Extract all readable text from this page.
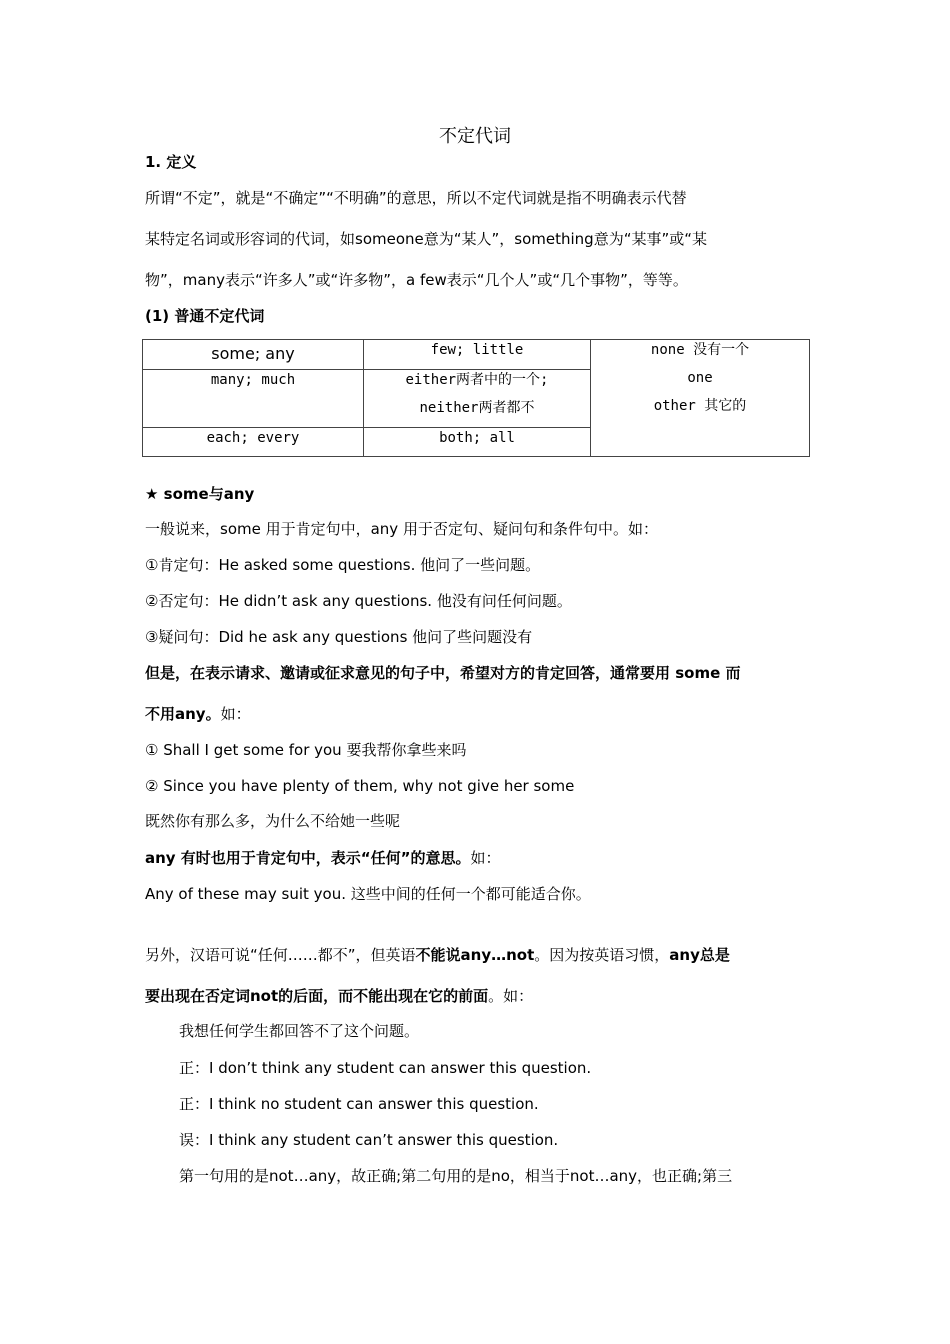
不定代词
1. 定义
所谓“不定”，就是“不确定”“不明确”的意思，所以不定代词就是指不明确表示代替
某特定名词或形容词的代词，如someone意为“某人”，something意为“某事”或“某
物”，many表示“许多人”或“许多物”，a few表示“几个人”或“几个事物”，等等。
(1) 普通不定代词
some; any	few; little	none 没有一个
one
other 其它的

many; much	either两者中的一个;
neither两者都不	

each; every	both; all	
★ some与any
一般说来，some 用于肯定句中，any 用于否定句、疑问句和条件句中。如：
①肯定句：He asked some questions. 他问了一些问题。
②否定句：He didn’t ask any questions. 他没有问任何问题。
③疑问句：Did he ask any questions 他问了些问题没有
但是，在表示请求、邀请或征求意见的句子中，希望对方的肯定回答，通常要用 some 而
不用any。如：
① Shall I get some for you 要我帮你拿些来吗
② Since you have plenty of them, why not give her some
既然你有那么多，为什么不给她一些呢
any 有时也用于肯定句中，表示“任何”的意思。如：
Any of these may suit you. 这些中间的任何一个都可能适合你。
另外，汉语可说“任何……都不”，但英语不能说any…not。因为按英语习惯，any总是
要出现在否定词not的后面，而不能出现在它的前面。如：
我想任何学生都回答不了这个问题。
正：I don’t think any student can answer this question.
正：I think no student can answer this question.
误：I think any student can’t answer this question.
第一句用的是not…any，故正确;第二句用的是no，相当于not…any，也正确;第三
